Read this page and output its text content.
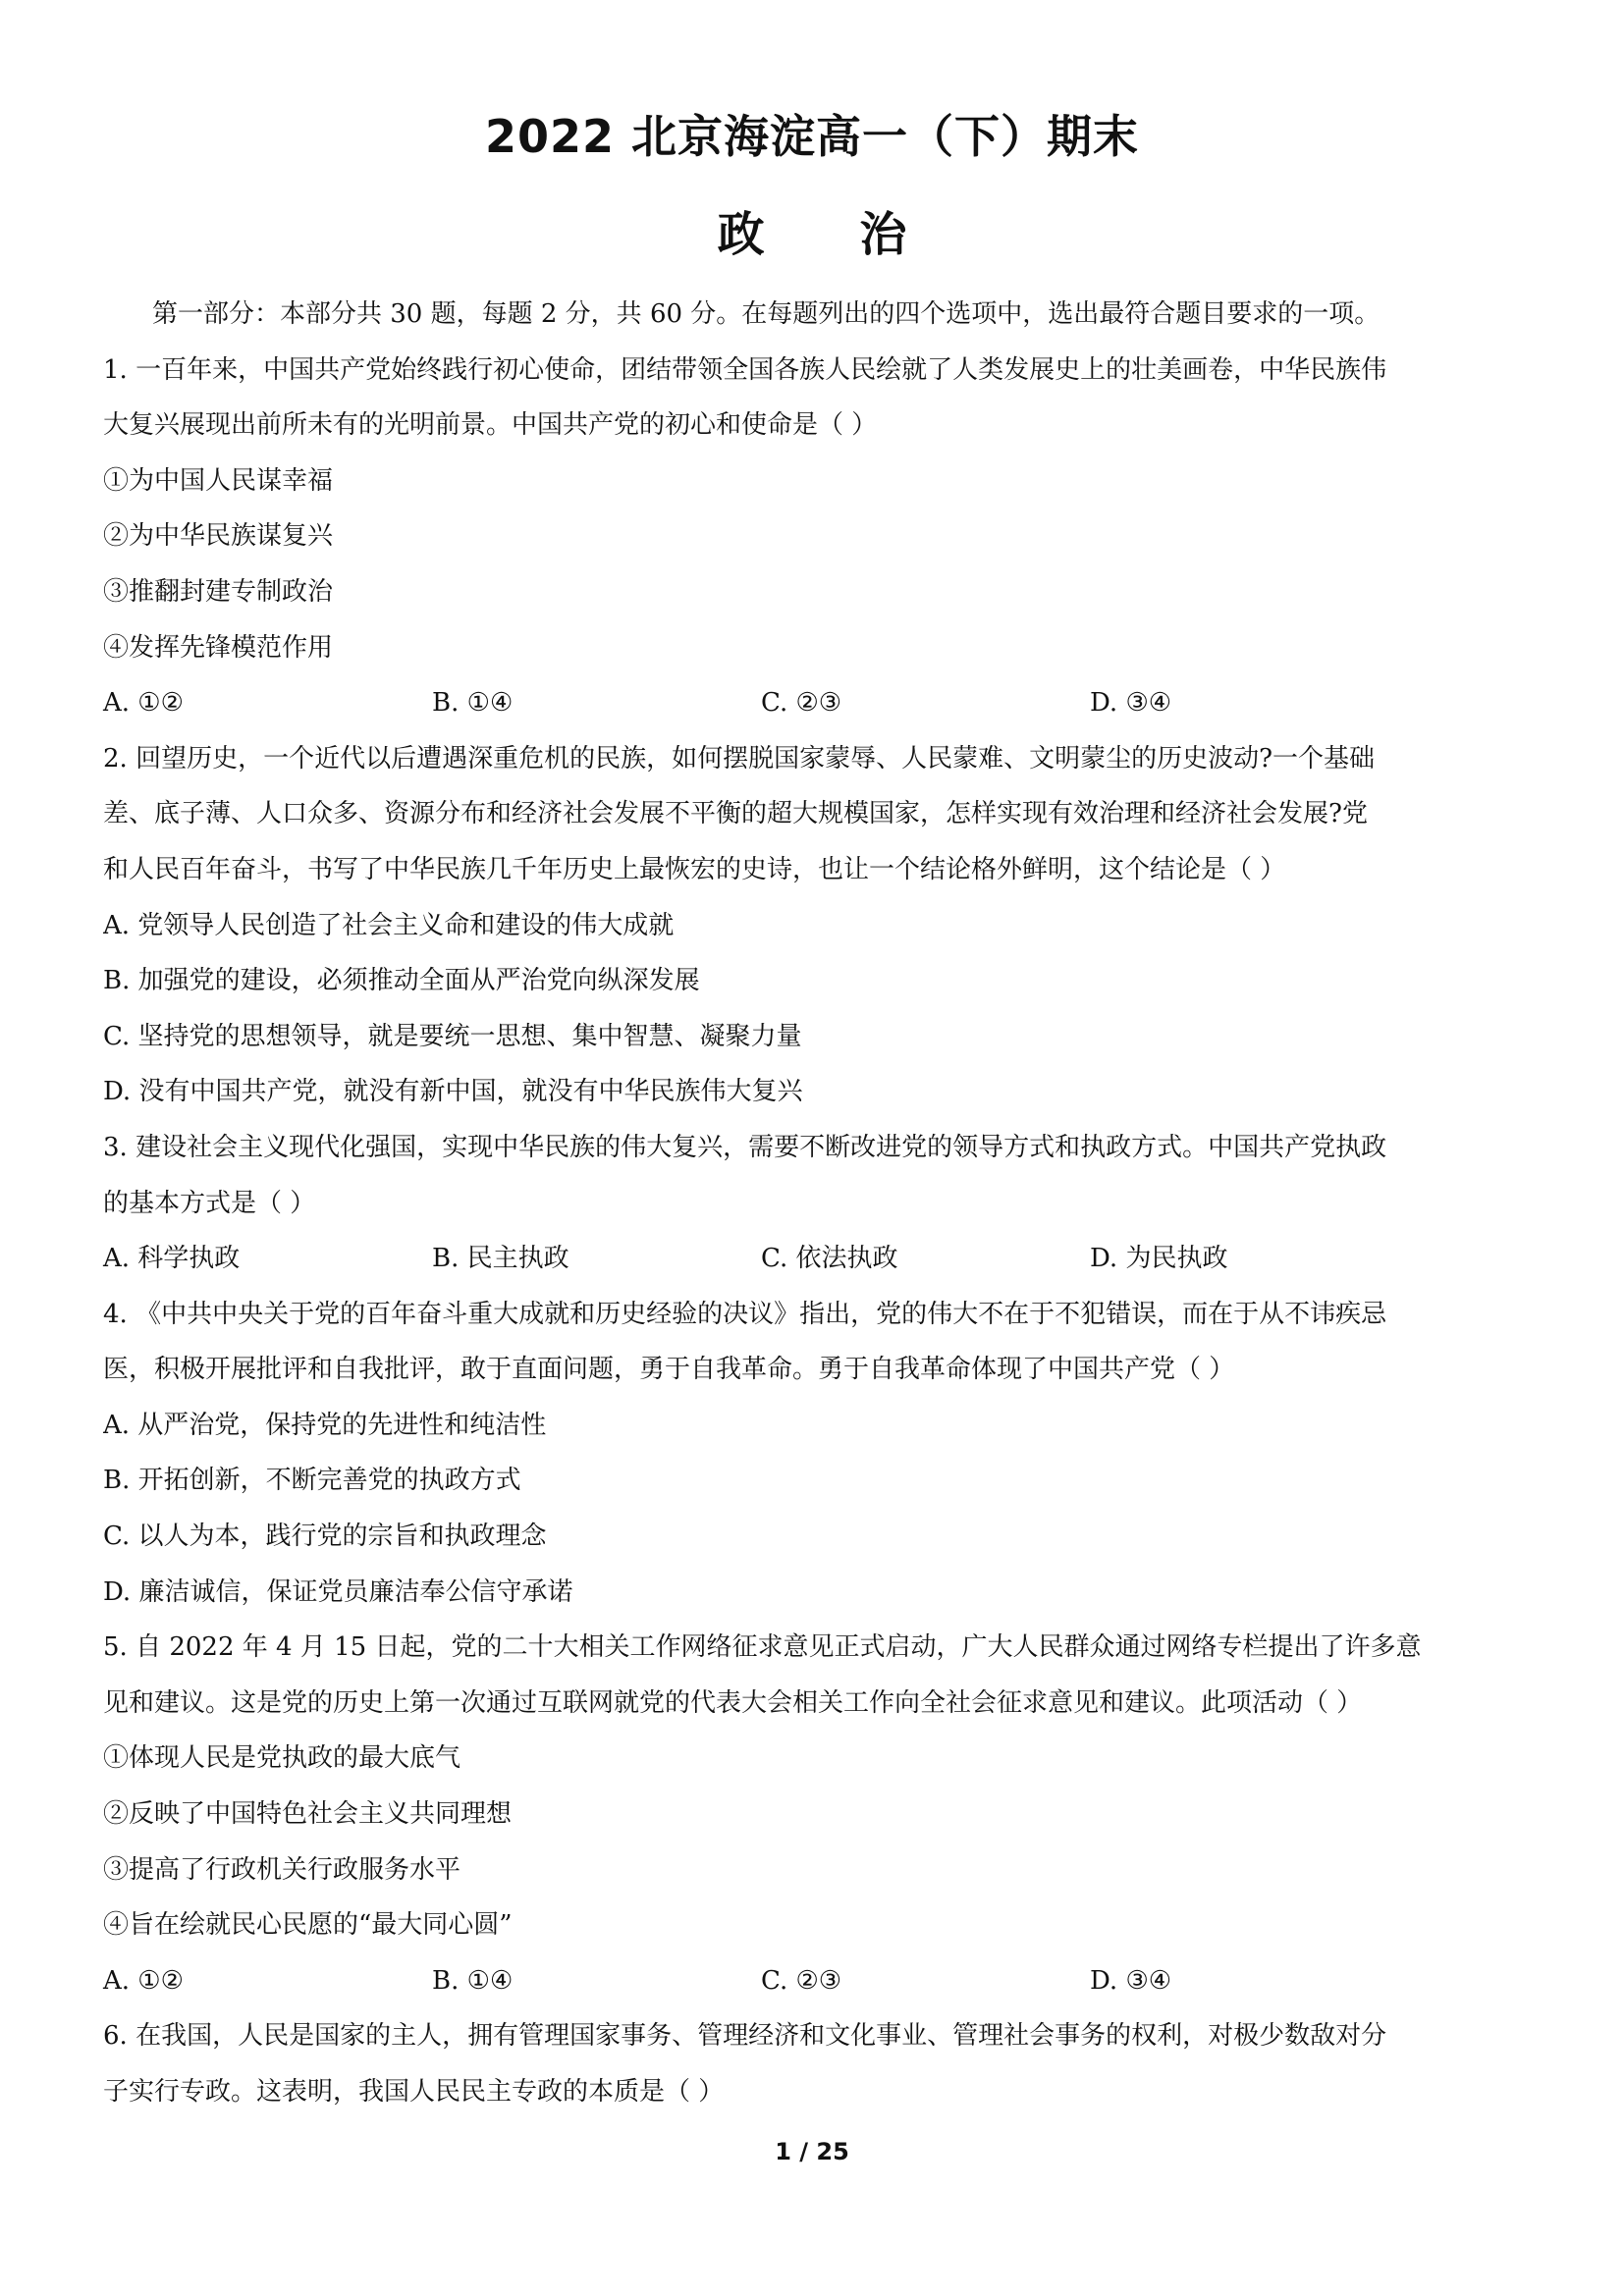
2022 北京海淀高一（下）期末
政 治
第一部分：本部分共 30 题，每题 2 分，共 60 分。在每题列出的四个选项中，选出最符合题目要求的一项。
1. 一百年来，中国共产党始终践行初心使命，团结带领全国各族人民绘就了人类发展史上的壮美画卷，中华民族伟
大复兴展现出前所未有的光明前景。中国共产党的初心和使命是（ ）
①为中国人民谋幸福
②为中华民族谋复兴
③推翻封建专制政治
④发挥先锋模范作用
A. ①②	B. ①④	C. ②③	D. ③④
2. 回望历史，一个近代以后遭遇深重危机的民族，如何摆脱国家蒙辱、人民蒙难、文明蒙尘的历史波动?一个基础
差、底子薄、人口众多、资源分布和经济社会发展不平衡的超大规模国家，怎样实现有效治理和经济社会发展?党
和人民百年奋斗，书写了中华民族几千年历史上最恢宏的史诗，也让一个结论格外鲜明，这个结论是（ ）
A. 党领导人民创造了社会主义命和建设的伟大成就
B. 加强党的建设，必须推动全面从严治党向纵深发展
C. 坚持党的思想领导，就是要统一思想、集中智慧、凝聚力量
D. 没有中国共产党，就没有新中国，就没有中华民族伟大复兴
3. 建设社会主义现代化强国，实现中华民族的伟大复兴，需要不断改进党的领导方式和执政方式。中国共产党执政
的基本方式是（ ）
A. 科学执政	B. 民主执政	C. 依法执政	D. 为民执政
4. 《中共中央关于党的百年奋斗重大成就和历史经验的决议》指出，党的伟大不在于不犯错误，而在于从不讳疾忌
医，积极开展批评和自我批评，敢于直面问题，勇于自我革命。勇于自我革命体现了中国共产党（ ）
A. 从严治党，保持党的先进性和纯洁性
B. 开拓创新，不断完善党的执政方式
C. 以人为本，践行党的宗旨和执政理念
D. 廉洁诚信，保证党员廉洁奉公信守承诺
5. 自 2022 年 4 月 15 日起，党的二十大相关工作网络征求意见正式启动，广大人民群众通过网络专栏提出了许多意
见和建议。这是党的历史上第一次通过互联网就党的代表大会相关工作向全社会征求意见和建议。此项活动（ ）
①体现人民是党执政的最大底气
②反映了中国特色社会主义共同理想
③提高了行政机关行政服务水平
④旨在绘就民心民愿的“最大同心圆”
A. ①②	B. ①④	C. ②③	D. ③④
6. 在我国，人民是国家的主人，拥有管理国家事务、管理经济和文化事业、管理社会事务的权利，对极少数敌对分
子实行专政。这表明，我国人民民主专政的本质是（ ）
1 / 25
